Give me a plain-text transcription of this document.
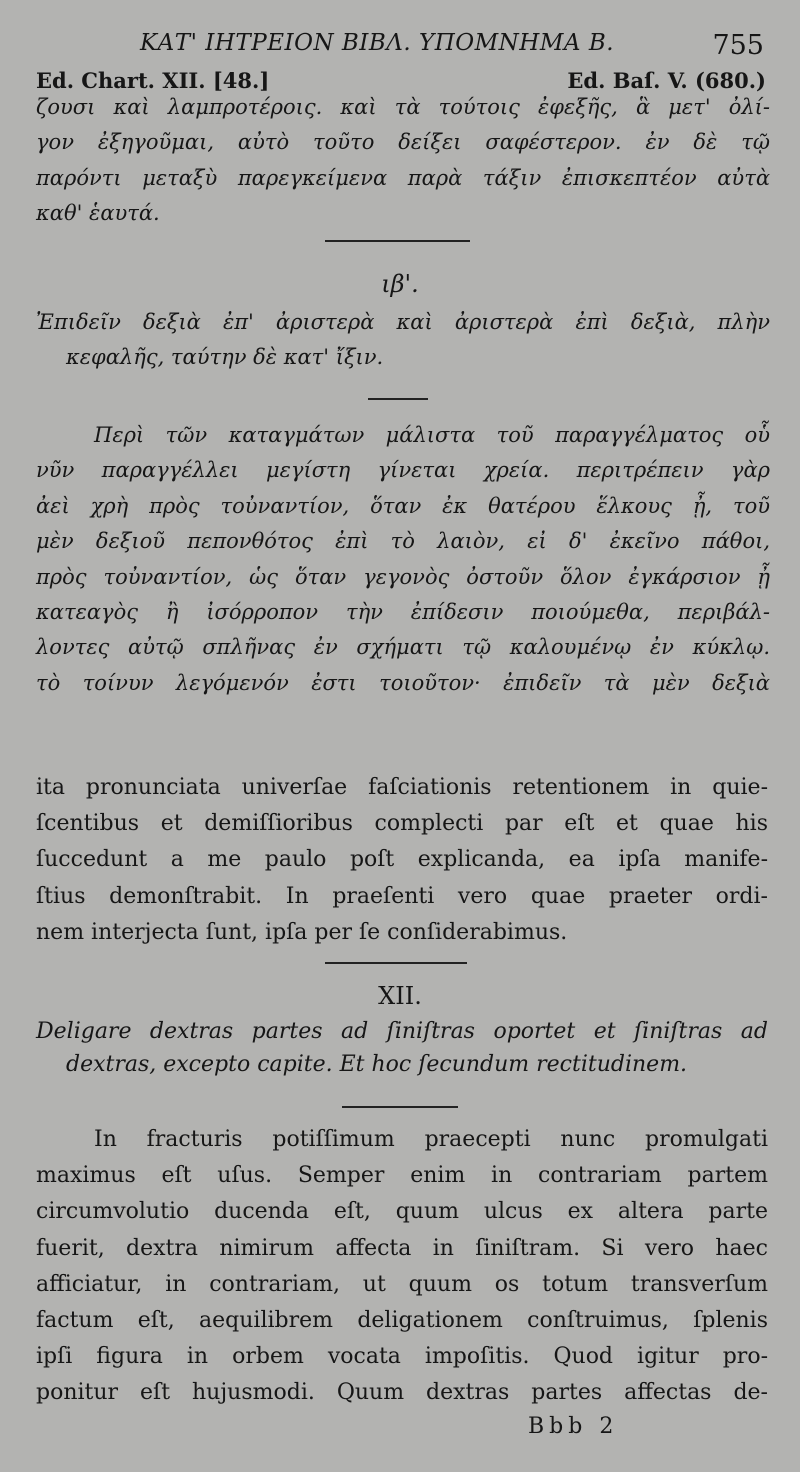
ΚΑΤ' ΙΗΤΡΕΙΟΝ ΒΙΒΛ. ΥΠΟΜΝΗΜΑ Β.	755
Ed. Chart. XII. [48.]	Ed. Baſ. V. (680.)
ζουσι καὶ λαμπροτέροις. καὶ τὰ τούτοις ἐφεξῆς, ἃ μετ' ὀλί-
γον ἐξηγοῦμαι, αὐτὸ τοῦτο δείξει σαφέστερον. ἐν δὲ τῷ
παρόντι μεταξὺ παρεγκείμενα παρὰ τάξιν ἐπισκεπτέον αὐτὰ
καθ' ἑαυτά.
ιβ'.
Ἐπιδεῖν δεξιὰ ἐπ' ἀριστερὰ καὶ ἀριστερὰ ἐπὶ δεξιὰ, πλὴν
κεφαλῆς, ταύτην δὲ κατ' ἴξιν.
Περὶ τῶν καταγμάτων μάλιστα τοῦ παραγγέλματος οὗ
νῦν παραγγέλλει μεγίστη γίνεται χρεία. περιτρέπειν γὰρ
ἀεὶ χρὴ πρὸς τοὐναντίον, ὅταν ἐκ θατέρου ἕλκους ᾖ, τοῦ
μὲν δεξιοῦ πεπονθότος ἐπὶ τὸ λαιὸν, εἰ δ' ἐκεῖνο πάθοι,
πρὸς τοὐναντίον, ὡς ὅταν γεγονὸς ὀστοῦν ὅλον ἐγκάρσιον ᾖ
κατεαγὸς ἢ ἰσόρροπον τὴν ἐπίδεσιν ποιούμεθα, περιβάλ-
λοντες αὐτῷ σπλῆνας ἐν σχήματι τῷ καλουμένῳ ἐν κύκλῳ.
τὸ τοίνυν λεγόμενόν ἐστι τοιοῦτον· ἐπιδεῖν τὰ μὲν δεξιὰ
ita pronunciata univerſae faſciationis retentionem in quie-
ſcentibus et demiſſioribus complecti par eſt et quae his
ſuccedunt a me paulo poſt explicanda, ea ipſa manife-
ſtius demonſtrabit. In praeſenti vero quae praeter ordi-
nem interjecta ſunt, ipſa per ſe conſiderabimus.
XII.
Deligare dextras partes ad ſiniſtras oportet et ſiniſtras ad
dextras, excepto capite. Et hoc ſecundum rectitudinem.
In fracturis potiſſimum praecepti nunc promulgati
maximus eſt uſus. Semper enim in contrariam partem
circumvolutio ducenda eſt, quum ulcus ex altera parte
fuerit, dextra nimirum affecta in ſiniſtram. Si vero haec
afficiatur, in contrariam, ut quum os totum transverſum
factum eſt, aequilibrem deligationem conſtruimus, ſplenis
ipſi figura in orbem vocata impoſitis. Quod igitur pro-
ponitur eſt hujusmodi. Quum dextras partes affectas de-
Bbb 2
